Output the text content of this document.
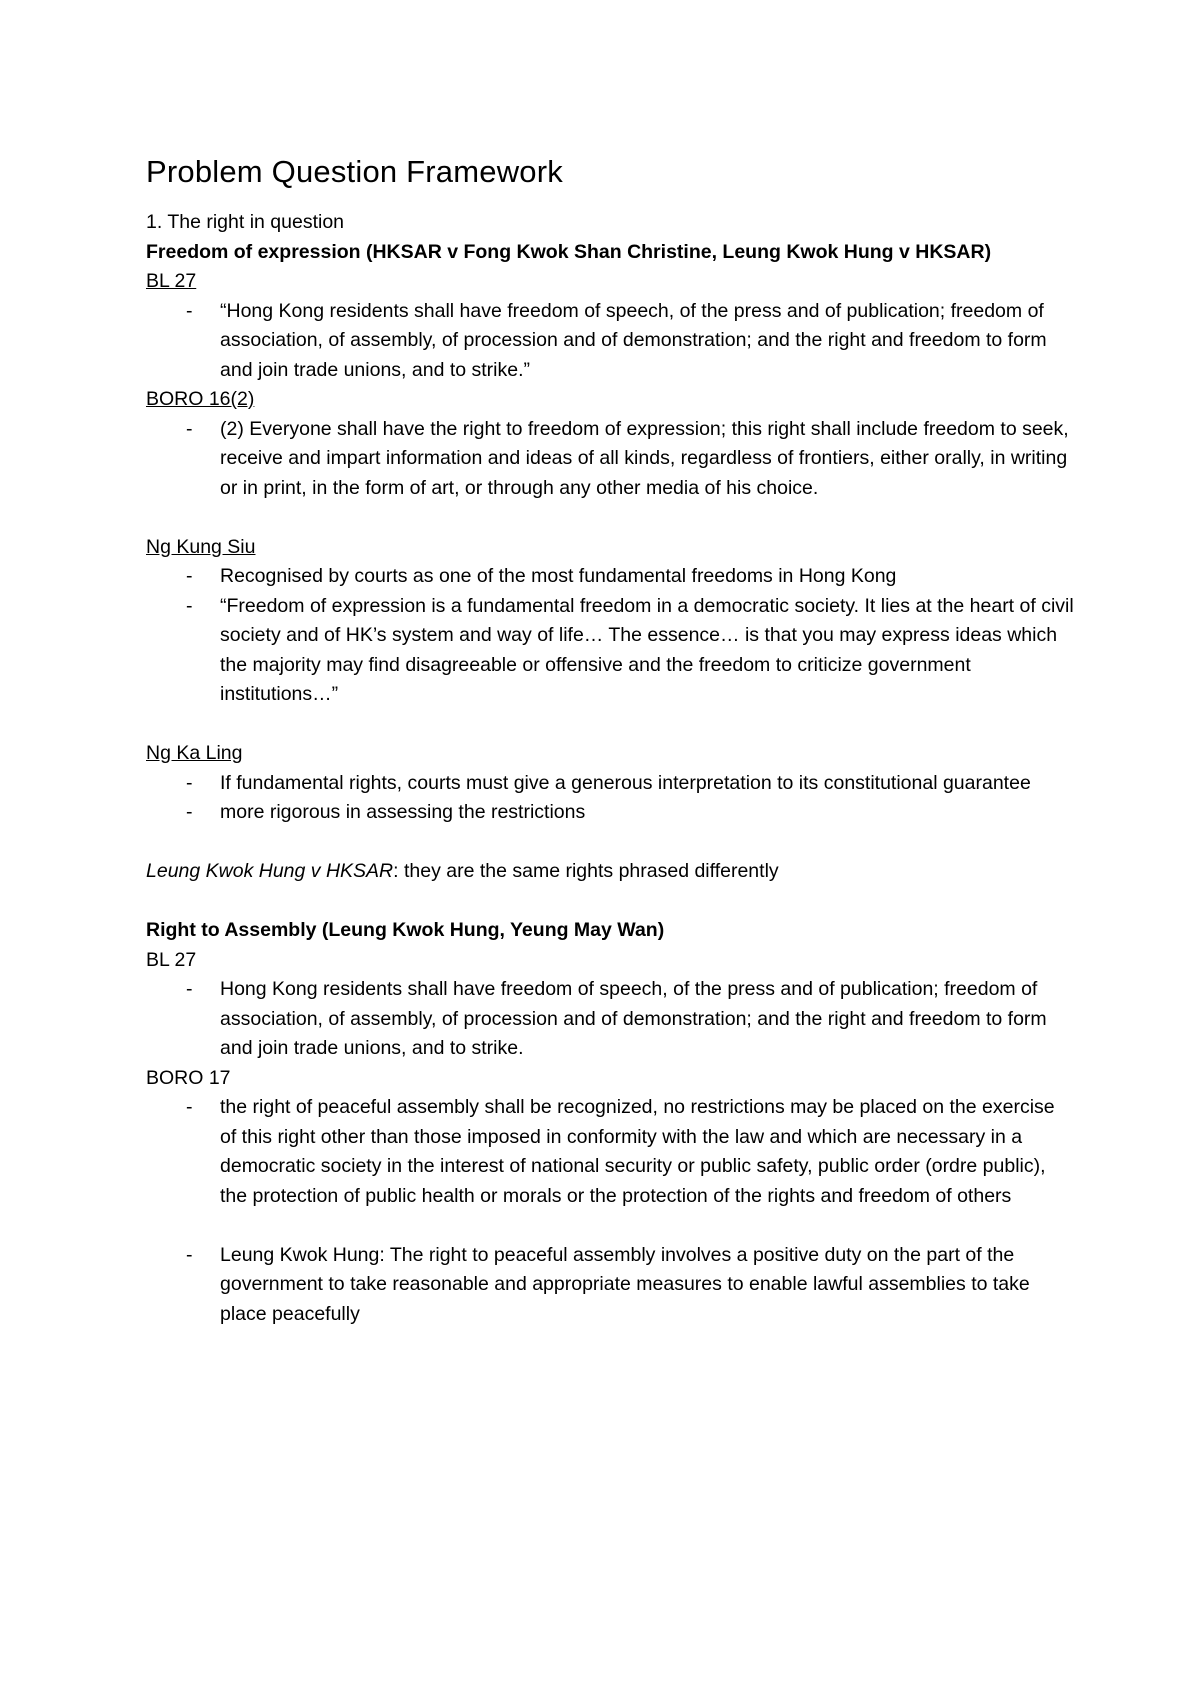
Problem Question Framework

1. The right in question

Freedom of expression (HKSAR v Fong Kwok Shan Christine, Leung Kwok Hung v HKSAR)

BL 27

- “Hong Kong residents shall have freedom of speech, of the press and of publication; freedom of association, of assembly, of procession and of demonstration; and the right and freedom to form and join trade unions, and to strike.”

BORO 16(2)

- (2) Everyone shall have the right to freedom of expression; this right shall include freedom to seek, receive and impart information and ideas of all kinds, regardless of frontiers, either orally, in writing or in print, in the form of art, or through any other media of his choice.

Ng Kung Siu

- Recognised by courts as one of the most fundamental freedoms in Hong Kong
- “Freedom of expression is a fundamental freedom in a democratic society. It lies at the heart of civil society and of HK’s system and way of life… The essence… is that you may express ideas which the majority may find disagreeable or offensive and the freedom to criticize government institutions…”

Ng Ka Ling

- If fundamental rights, courts must give a generous interpretation to its constitutional guarantee
- more rigorous in assessing the restrictions

Leung Kwok Hung v HKSAR: they are the same rights phrased differently

Right to Assembly (Leung Kwok Hung, Yeung May Wan)

BL 27

- Hong Kong residents shall have freedom of speech, of the press and of publication; freedom of association, of assembly, of procession and of demonstration; and the right and freedom to form and join trade unions, and to strike.

BORO 17

- the right of peaceful assembly shall be recognized, no restrictions may be placed on the exercise of this right other than those imposed in conformity with the law and which are necessary in a democratic society in the interest of national security or public safety, public order (ordre public), the protection of public health or morals or the protection of the rights and freedom of others
- Leung Kwok Hung: The right to peaceful assembly involves a positive duty on the part of the government to take reasonable and appropriate measures to enable lawful assemblies to take place peacefully
